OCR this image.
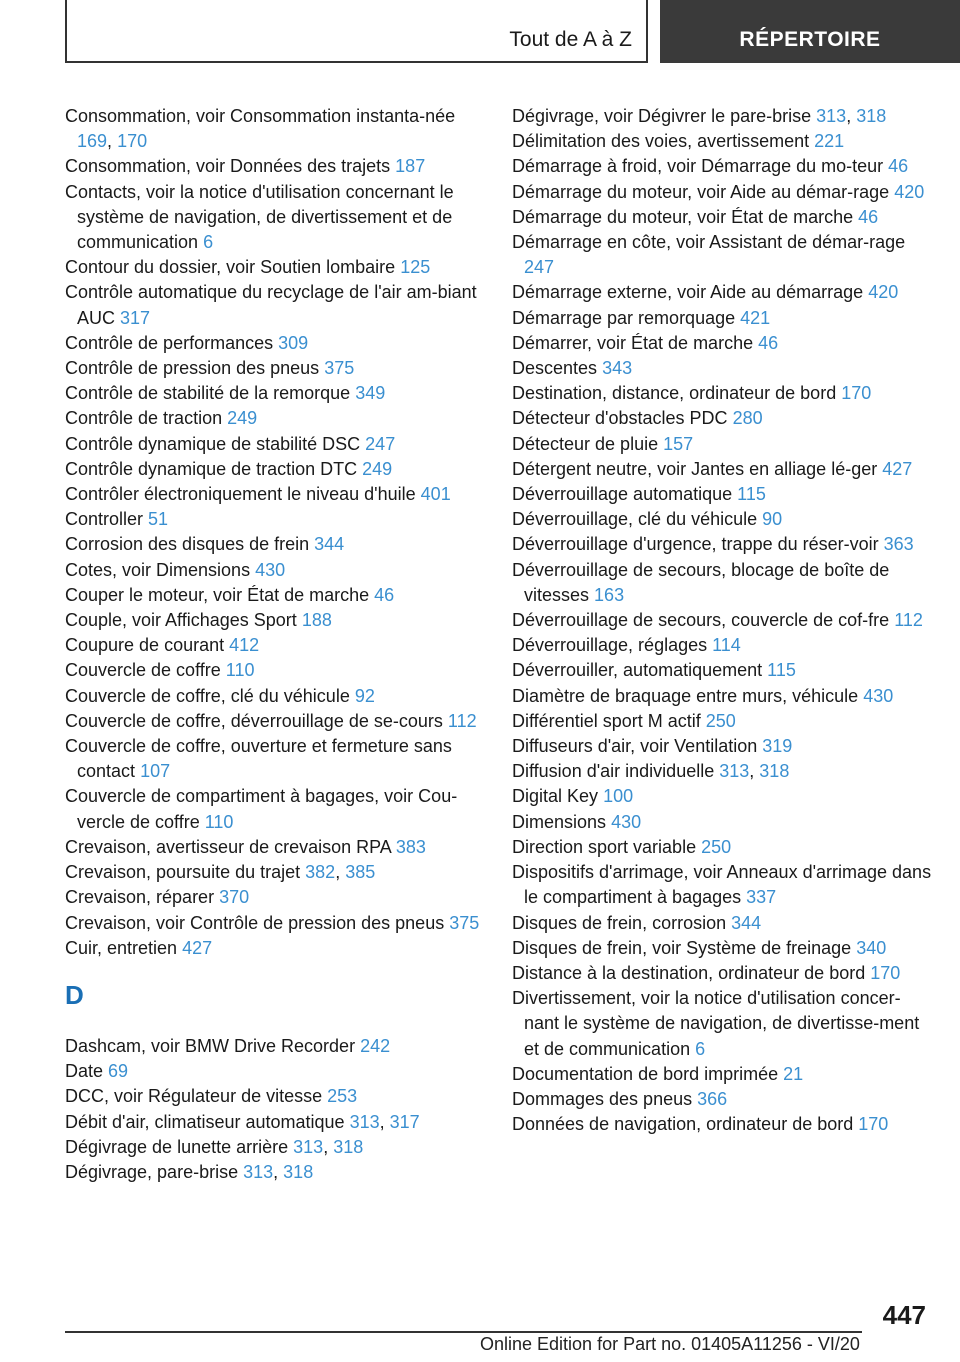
Tout de A à Z	RÉPERTOIRE
Consommation, voir Consommation instanta-née 169, 170
Consommation, voir Données des trajets 187
Contacts, voir la notice d'utilisation concernant le système de navigation, de divertissement et de communication 6
Contour du dossier, voir Soutien lombaire 125
Contrôle automatique du recyclage de l'air am-biant AUC 317
Contrôle de performances 309
Contrôle de pression des pneus 375
Contrôle de stabilité de la remorque 349
Contrôle de traction 249
Contrôle dynamique de stabilité DSC 247
Contrôle dynamique de traction DTC 249
Contrôler électroniquement le niveau d'huile 401
Controller 51
Corrosion des disques de frein 344
Cotes, voir Dimensions 430
Couper le moteur, voir État de marche 46
Couple, voir Affichages Sport 188
Coupure de courant 412
Couvercle de coffre 110
Couvercle de coffre, clé du véhicule 92
Couvercle de coffre, déverrouillage de se-cours 112
Couvercle de coffre, ouverture et fermeture sans contact 107
Couvercle de compartiment à bagages, voir Cou-vercle de coffre 110
Crevaison, avertisseur de crevaison RPA 383
Crevaison, poursuite du trajet 382, 385
Crevaison, réparer 370
Crevaison, voir Contrôle de pression des pneus 375
Cuir, entretien 427
D
Dashcam, voir BMW Drive Recorder 242
Date 69
DCC, voir Régulateur de vitesse 253
Débit d'air, climatiseur automatique 313, 317
Dégivrage de lunette arrière 313, 318
Dégivrage, pare-brise 313, 318
Dégivrage, voir Dégivrer le pare-brise 313, 318
Délimitation des voies, avertissement 221
Démarrage à froid, voir Démarrage du mo-teur 46
Démarrage du moteur, voir Aide au démar-rage 420
Démarrage du moteur, voir État de marche 46
Démarrage en côte, voir Assistant de démar-rage 247
Démarrage externe, voir Aide au démarrage 420
Démarrage par remorquage 421
Démarrer, voir État de marche 46
Descentes 343
Destination, distance, ordinateur de bord 170
Détecteur d'obstacles PDC 280
Détecteur de pluie 157
Détergent neutre, voir Jantes en alliage lé-ger 427
Déverrouillage automatique 115
Déverrouillage, clé du véhicule 90
Déverrouillage d'urgence, trappe du réser-voir 363
Déverrouillage de secours, blocage de boîte de vitesses 163
Déverrouillage de secours, couvercle de cof-fre 112
Déverrouillage, réglages 114
Déverrouiller, automatiquement 115
Diamètre de braquage entre murs, véhicule 430
Différentiel sport M actif 250
Diffuseurs d'air, voir Ventilation 319
Diffusion d'air individuelle 313, 318
Digital Key 100
Dimensions 430
Direction sport variable 250
Dispositifs d'arrimage, voir Anneaux d'arrimage dans le compartiment à bagages 337
Disques de frein, corrosion 344
Disques de frein, voir Système de freinage 340
Distance à la destination, ordinateur de bord 170
Divertissement, voir la notice d'utilisation concer-nant le système de navigation, de divertisse-ment et de communication 6
Documentation de bord imprimée 21
Dommages des pneus 366
Données de navigation, ordinateur de bord 170
447
Online Edition for Part no. 01405A11256 - VI/20
